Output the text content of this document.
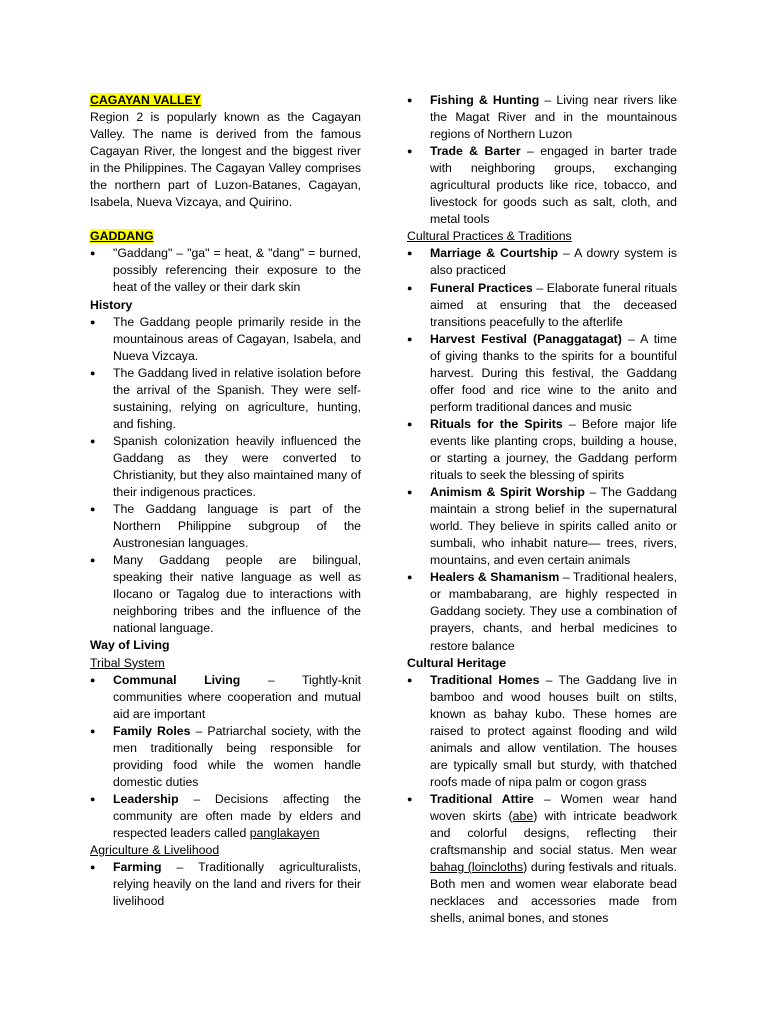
CAGAYAN VALLEY

Region 2 is popularly known as the Cagayan Valley. The name is derived from the famous Cagayan River, the longest and the biggest river in the Philippines. The Cagayan Valley comprises the northern part of Luzon-Batanes, Cagayan, Isabela, Nueva Vizcaya, and Quirino.

GADDANG

● "Gaddang" – "ga" = heat, & "dang" = burned, possibly referencing their exposure to the heat of the valley or their dark skin

History

● The Gaddang people primarily reside in the mountainous areas of Cagayan, Isabela, and Nueva Vizcaya.
● The Gaddang lived in relative isolation before the arrival of the Spanish. They were self-sustaining, relying on agriculture, hunting, and fishing.
● Spanish colonization heavily influenced the Gaddang as they were converted to Christianity, but they also maintained many of their indigenous practices.
● The Gaddang language is part of the Northern Philippine subgroup of the Austronesian languages.
● Many Gaddang people are bilingual, speaking their native language as well as Ilocano or Tagalog due to interactions with neighboring tribes and the influence of the national language.

Way of Living

Tribal System

● Communal Living – Tightly-knit communities where cooperation and mutual aid are important
● Family Roles – Patriarchal society, with the men traditionally being responsible for providing food while the women handle domestic duties
● Leadership – Decisions affecting the community are often made by elders and respected leaders called panglakayen

Agriculture & Livelihood

● Farming – Traditionally agriculturalists, relying heavily on the land and rivers for their livelihood
● Fishing & Hunting – Living near rivers like the Magat River and in the mountainous regions of Northern Luzon
● Trade & Barter – engaged in barter trade with neighboring groups, exchanging agricultural products like rice, tobacco, and livestock for goods such as salt, cloth, and metal tools

Cultural Practices & Traditions

● Marriage & Courtship – A dowry system is also practiced
● Funeral Practices – Elaborate funeral rituals aimed at ensuring that the deceased transitions peacefully to the afterlife
● Harvest Festival (Panaggatagat) – A time of giving thanks to the spirits for a bountiful harvest. During this festival, the Gaddang offer food and rice wine to the anito and perform traditional dances and music
● Rituals for the Spirits – Before major life events like planting crops, building a house, or starting a journey, the Gaddang perform rituals to seek the blessing of spirits
● Animism & Spirit Worship – The Gaddang maintain a strong belief in the supernatural world. They believe in spirits called anito or sumbali, who inhabit nature— trees, rivers, mountains, and even certain animals
● Healers & Shamanism – Traditional healers, or mambabarang, are highly respected in Gaddang society. They use a combination of prayers, chants, and herbal medicines to restore balance

Cultural Heritage

● Traditional Homes – The Gaddang live in bamboo and wood houses built on stilts, known as bahay kubo. These homes are raised to protect against flooding and wild animals and allow ventilation. The houses are typically small but sturdy, with thatched roofs made of nipa palm or cogon grass
● Traditional Attire – Women wear hand woven skirts (abe) with intricate beadwork and colorful designs, reflecting their craftsmanship and social status. Men wear bahag (loincloths) during festivals and rituals. Both men and women wear elaborate bead necklaces and accessories made from shells, animal bones, and stones
